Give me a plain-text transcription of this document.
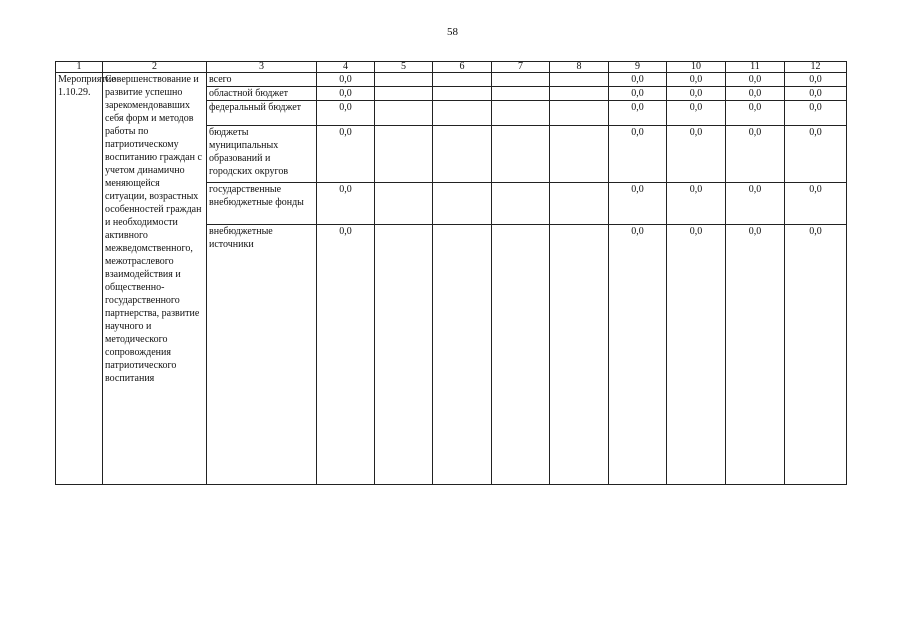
58
1	2	3	4	5	6	7	8	9	10	11	12
Мероприятие 1.10.29.	Совершенствование и развитие успешно зарекомендовавших себя форм и методов работы по патриотическому воспитанию граждан с учетом динамично меняющейся ситуации, возрастных особенностей граждан и необходимости активного межведомственного, межотраслевого взаимодействия и общественно-государственного партнерства, развитие научного и методического сопровождения патриотического воспитания	всего	0,0					0,0	0,0	0,0	0,0
		областной бюджет	0,0					0,0	0,0	0,0	0,0
		федеральный бюджет	0,0					0,0	0,0	0,0	0,0
		бюджеты муниципальных образований и городских округов	0,0					0,0	0,0	0,0	0,0
		государственные внебюджетные фонды	0,0					0,0	0,0	0,0	0,0
		внебюджетные источники	0,0					0,0	0,0	0,0	0,0
